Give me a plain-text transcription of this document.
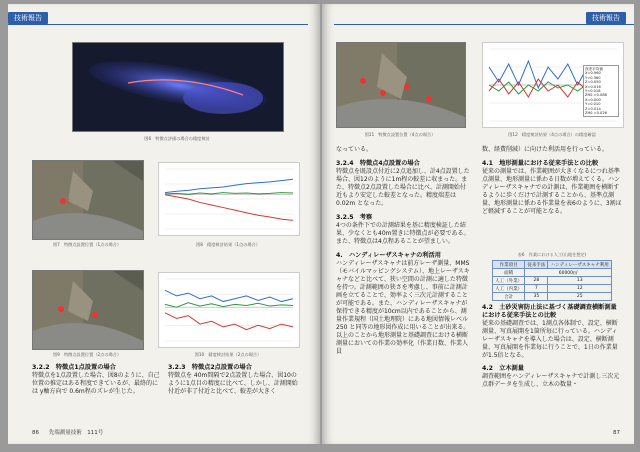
技術報告
図6　特徴点評価の場合の精度検討
1
図7　特徴点設置位置（1点の場合）	図8　精度検討結果（1点の場合）
図9　特徴点設置位置（2点の場合）	図10　精度検討結果（2点の場合）
3.2.2　特徴点1点設置の場合
特徴点を1点設置した場合、図8のように、自己位置の推定はある程度できているが、最終的には y軸方向で 0.6m程のズレが生じた。
3.2.3　特徴点2点設置の場合
特徴点を 40m間隔で2点設置した場合、図10のように1点目の精度に比べて、しかし、計測開始付近が非了付近と比べて、較差が大きく
86 先端測量技術　111号
技術報告
図11　特徴点設置位置（4点の場合）
誤差平均値
X=0.960
Y=0.360
Z=0.050
X=0.016
Y=0.018
ZH0.=0.086
X=0.000
Y=0.010
Z=0.014
ZH0.=0.026
図12　精度検討結果（4点の場合）の精度確認
なっている。
3.2.4　特徴点4点設置の場合
特徴点を既設点付近に2点追加し、計4点設置した場合、図12のように1m程の較差に収まった。また、特徴点2点設置した場合に比べ、計測開始付近もより安定した較差となった。精度端差は0.02m となった。
3.2.5　考察
4つの条件下での計測結果を基に精度検証した結果、少なくとも40m置きに特徴点が必要である。また、特徴点は4点程あることが望ましい。
4.　ハンディレーザスキャナの利活用
ハンディレーザスキャナは前方レーザ測量、MMS（モバイルマッピングシステム）、地上レーザスキャナなどと比べて、狭い空間の計測に適した特徴を持つ。計測範囲の狭さを考慮し、事前に計測計画を立てることで、効率よく三次元計測することが可能である。また、ハンディレーザスキャナが保持できる精度が10cm以内であることから、測量作業規程（国土地理院）にある地図情報レベル250 と同等の地形図作成に用いることが出来る。以上のことから地形測量と基礎調査における横断測量においての作業の効率化（作業日数、作業人員
数、経費削減）に向けた利活用を行っている。
4.1　地形測量における従来手法との比較
従来の測量では、作業範囲が大きくなるにつれ基準点測量、地形測量に係わる日数が増えてくる。ハンディレーザスキャナでの計測は、作業範囲を横断するように歩くだけで計測することから、基準点測量、地形測量に係わる作業量を表6のように、3割ほど軽減することが可能となる。
表6　作業における人工(山地を想定)
作業項目	従来手法	ハンディレーザスキャナ利用
面積	60000㎡	
人工（外業）	28	13
人工（内業）	7	12
合計	35	25
4.2　土砂災害防止法に基づく基礎調査横断測量における従来手法との比較
従来の基礎調査では、1測点各体制で、設定、横断測量、写真展開を1箇所毎に行っている。ハンディレーザスキャナを導入した場合は、設定、横断測量、写真展開を作業毎に行うことで、1日の作業量が1.5倍となる。
4.2　立木測量
調査範囲をハンディレーザスキャナで計測し三次元点群データを生成し、立木の数量・
87
